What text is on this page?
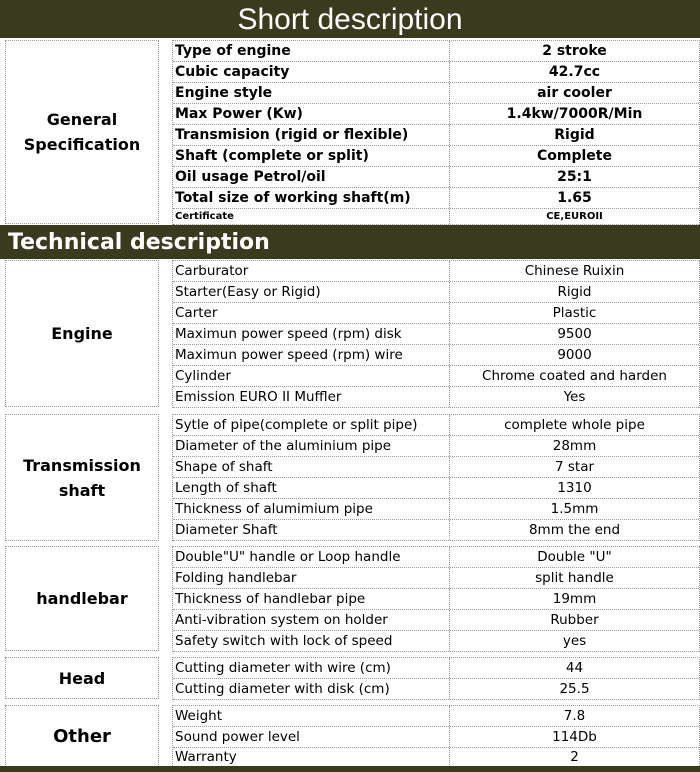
Short description
General Specification
Type of engine	2 stroke
Cubic capacity	42.7cc
Engine style	air cooler
Max Power (Kw)	1.4kw/7000R/Min
Transmision (rigid or flexible)	Rigid
Shaft (complete or split)	Complete
Oil usage Petrol/oil	25:1
Total size of working shaft(m)	1.65
Certificate	CE,EUROII
Technical description
Engine
Carburator	Chinese Ruixin
Starter(Easy or Rigid)	Rigid
Carter	Plastic
Maximun power speed (rpm) disk	9500
Maximun power speed (rpm) wire	9000
Cylinder	Chrome coated and harden
Emission EURO II Muffler	Yes
Transmission shaft
Sytle of pipe(complete or split pipe)	complete whole pipe
Diameter of the aluminium pipe	28mm
Shape of shaft	7 star
Length of shaft	1310
Thickness of alumimium pipe	1.5mm
Diameter Shaft	8mm the end
handlebar
Double"U" handle or Loop handle	Double "U"
Folding handlebar	split handle
Thickness of handlebar pipe	19mm
Anti-vibration system on holder	Rubber
Safety switch with lock of speed	yes
Head
Cutting diameter with wire (cm)	44
Cutting diameter with disk (cm)	25.5
Other
Weight	7.8
Sound power level	114Db
Warranty	2
